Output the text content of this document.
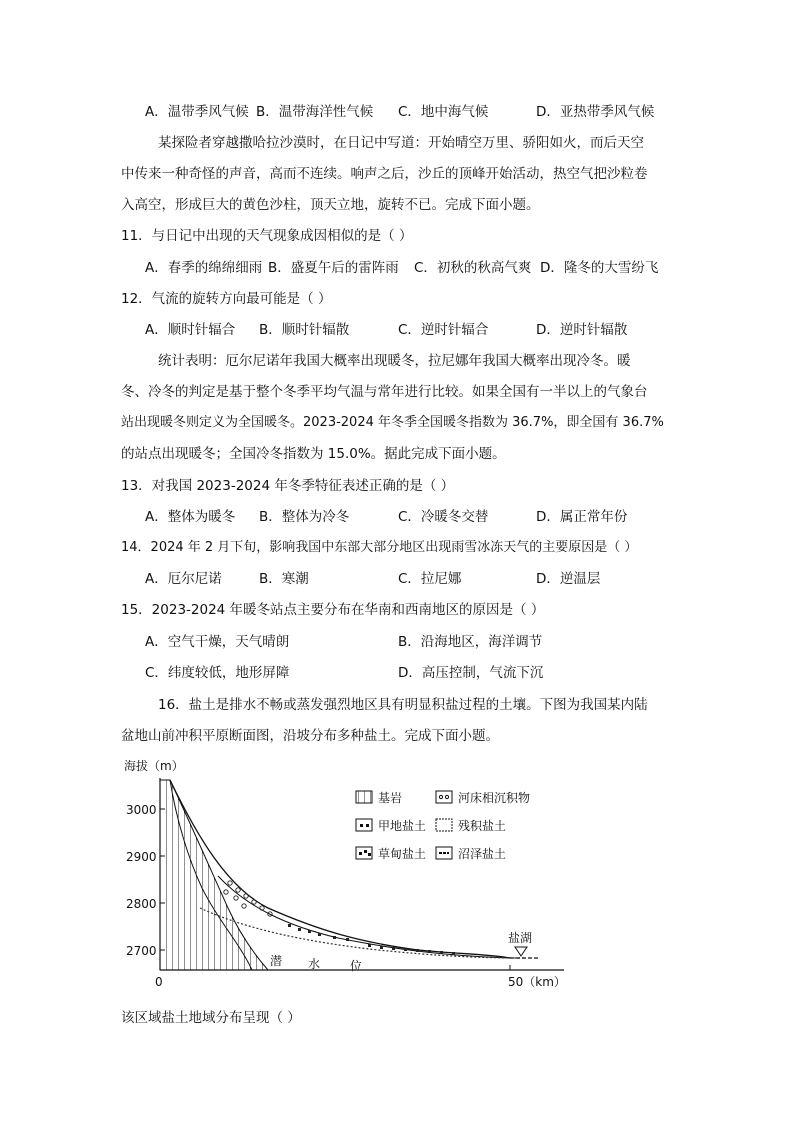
A．温带季风气候 B．温带海洋性气候 C．地中海气候	D．亚热带季风气候
某探险者穿越撒哈拉沙漠时，在日记中写道：开始晴空万里、骄阳如火，而后天空
中传来一种奇怪的声音，高而不连续。响声之后，沙丘的顶峰开始活动，热空气把沙粒卷
入高空，形成巨大的黄色沙柱，顶天立地，旋转不已。完成下面小题。
11．与日记中出现的天气现象成因相似的是（ ）
A．春季的绵绵细雨 B．盛夏午后的雷阵雨 C．初秋的秋高气爽 D．隆冬的大雪纷飞
12．气流的旋转方向最可能是（ ）
A．顺时针辐合 B．顺时针辐散	C．逆时针辐合	D．逆时针辐散
统计表明：厄尔尼诺年我国大概率出现暖冬，拉尼娜年我国大概率出现冷冬。暖
冬、冷冬的判定是基于整个冬季平均气温与常年进行比较。如果全国有一半以上的气象台
站出现暖冬则定义为全国暖冬。2023-2024 年冬季全国暖冬指数为 36.7%，即全国有 36.7%
的站点出现暖冬；全国冷冬指数为 15.0%。据此完成下面小题。
13．对我国 2023-2024 年冬季特征表述正确的是（ ）
A．整体为暖冬 B．整体为冷冬	C．冷暖冬交替	D．属正常年份
14．2024 年 2 月下旬，影响我国中东部大部分地区出现雨雪冰冻天气的主要原因是（ ）
A．厄尔尼诺	B．寒潮	C．拉尼娜	D．逆温层
15．2023-2024 年暖冬站点主要分布在华南和西南地区的原因是（ ）
A．空气干燥，天气晴朗	B．沿海地区，海洋调节
C．纬度较低，地形屏障	D．高压控制，气流下沉
16．盐土是排水不畅或蒸发强烈地区具有明显积盐过程的土壤。下图为我国某内陆
盆地山前冲积平原断面图，沿坡分布多种盐土。完成下面小题。
海拔（m）
3000
2900
2800
2700
0	50（km）
潜 水 位
盐湖
基岩	河床相沉积物
甲地盐土	残积盐土
草甸盐土	沼泽盐土
该区域盐土地域分布呈现（ ）
